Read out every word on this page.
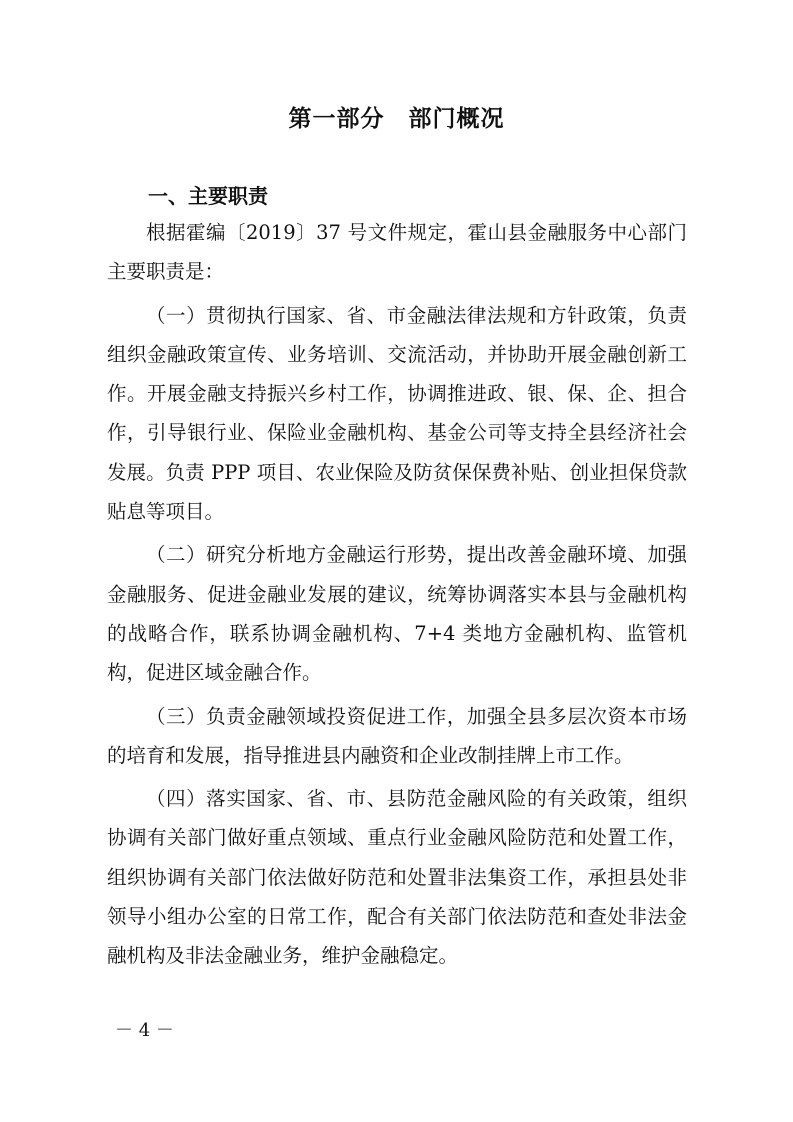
第一部分　部门概况
一、主要职责

根据霍编〔2019〕37 号文件规定，霍山县金融服务中心部门主要职责是：

（一）贯彻执行国家、省、市金融法律法规和方针政策，负责组织金融政策宣传、业务培训、交流活动，并协助开展金融创新工作。开展金融支持振兴乡村工作，协调推进政、银、保、企、担合作，引导银行业、保险业金融机构、基金公司等支持全县经济社会发展。负责 PPP 项目、农业保险及防贫保保费补贴、创业担保贷款贴息等项目。

（二）研究分析地方金融运行形势，提出改善金融环境、加强金融服务、促进金融业发展的建议，统筹协调落实本县与金融机构的战略合作，联系协调金融机构、7+4 类地方金融机构、监管机构，促进区域金融合作。

（三）负责金融领域投资促进工作，加强全县多层次资本市场的培育和发展，指导推进县内融资和企业改制挂牌上市工作。

（四）落实国家、省、市、县防范金融风险的有关政策，组织协调有关部门做好重点领域、重点行业金融风险防范和处置工作，组织协调有关部门依法做好防范和处置非法集资工作，承担县处非领导小组办公室的日常工作，配合有关部门依法防范和查处非法金融机构及非法金融业务，维护金融稳定。

－ 4 －
